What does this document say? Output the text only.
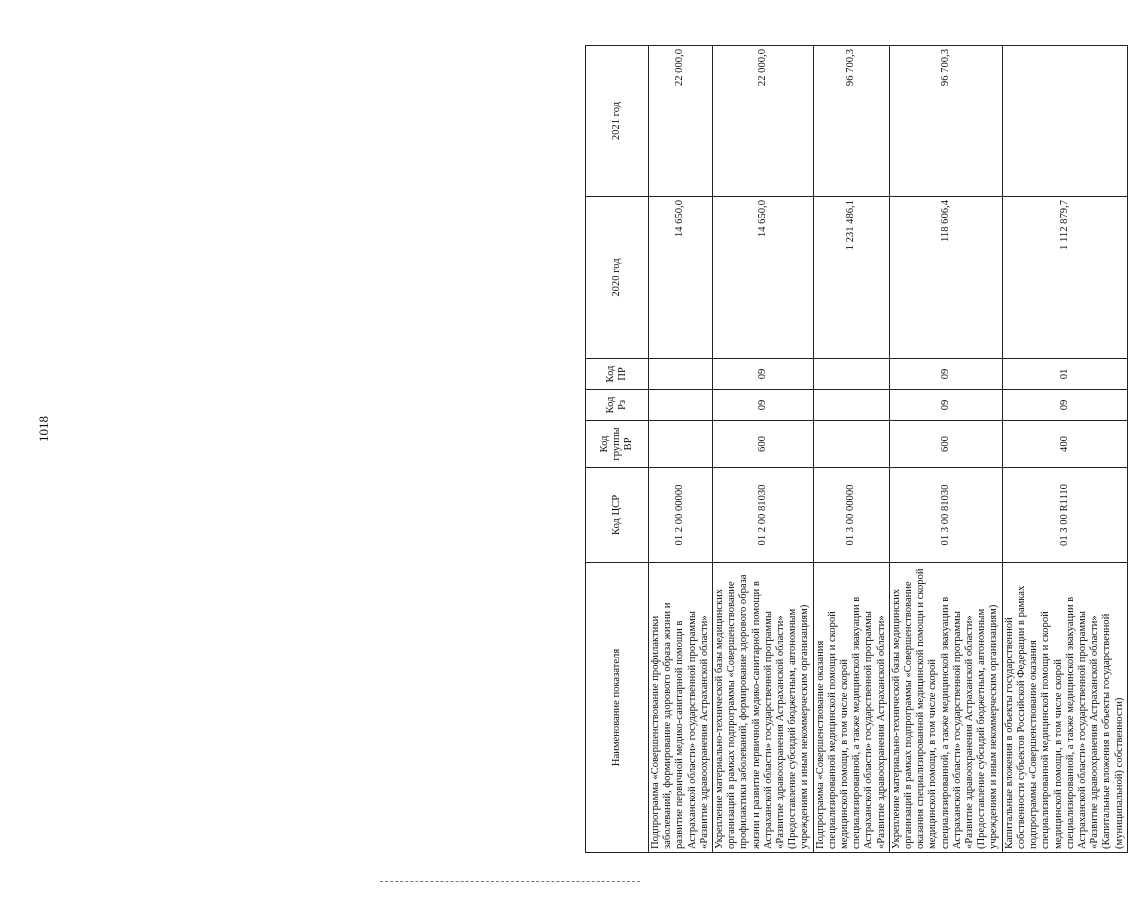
1018
Наименование показателя	Код ЦСР	Код группы ВР	Код Рз	Код ПР	2020 год	2021 год
Подпрограмма «Совершенствование профилактики заболеваний, формирование здорового образа жизни и развитие первичной медико-санитарной помощи в Астраханской области» государственной программы «Развитие здравоохранения Астраханской области»	01 2 00 00000				14 650,0	22 000,0
Укрепление материально-технической базы медицинских организаций в рамках подпрограммы «Совершенствование профилактики заболеваний, формирование здорового образа жизни и развитие первичной медико-санитарной помощи в Астраханской области» государственной программы «Развитие здравоохранения Астраханской области» (Предоставление субсидий бюджетным, автономным учреждениям и иным некоммерческим организациям)	01 2 00 81030	600	09	09	14 650,0	22 000,0
Подпрограмма «Совершенствование оказания специализированной медицинской помощи и скорой медицинской помощи, в том числе скорой специализированной, а также медицинской эвакуации в Астраханской области» государственной программы «Развитие здравоохранения Астраханской области»	01 3 00 00000				1 231 486,1	96 700,3
Укрепление материально-технической базы медицинских организаций в рамках подпрограммы «Совершенствование оказания специализированной медицинской помощи и скорой медицинской помощи, в том числе скорой специализированной, а также медицинской эвакуации в Астраханской области» государственной программы «Развитие здравоохранения Астраханской области» (Предоставление субсидий бюджетным, автономным учреждениям и иным некоммерческим организациям)	01 3 00 81030	600	09	09	118 606,4	96 700,3
Капитальные вложения в объекты государственной собственности субъектов Российской Федерации в рамках подпрограммы «Совершенствование оказания специализированной медицинской помощи и скорой медицинской помощи, в том числе скорой специализированной, а также медицинской эвакуации в Астраханской области» государственной программы «Развитие здравоохранения Астраханской области» (Капитальные вложения в объекты государственной (муниципальной) собственности)	01 3 00 R1110	400	09	01	1 112 879,7	
